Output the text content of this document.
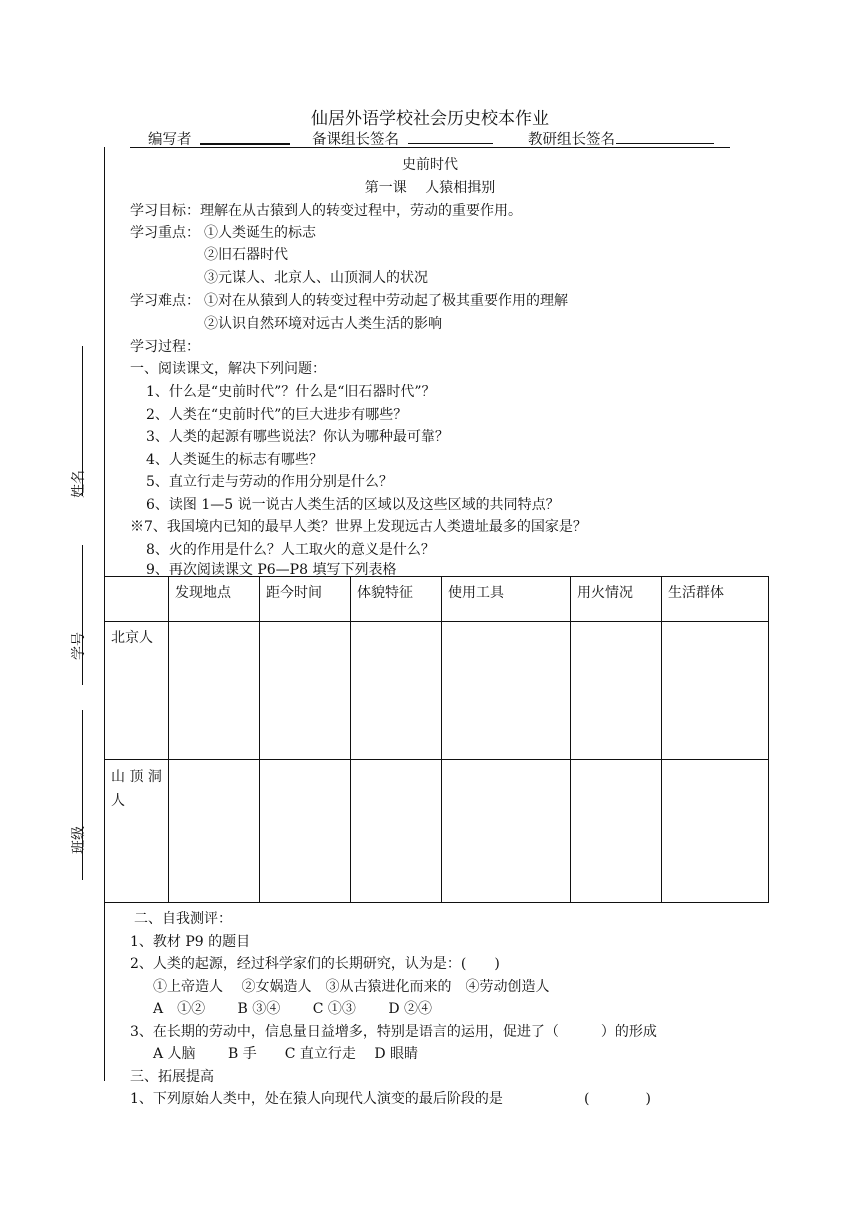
仙居外语学校社会历史校本作业
编写者	备课组长签名	教研组长签名
姓名
学号
班级
史前时代
第一课　 人猿相揖别
学习目标：理解在从古猿到人的转变过程中，劳动的重要作用。
学习重点： ①人类诞生的标志
②旧石器时代
③元谋人、北京人、山顶洞人的状况
学习难点： ①对在从猿到人的转变过程中劳动起了极其重要作用的理解
②认识自然环境对远古人类生活的影响
学习过程：
一、阅读课文，解决下列问题：
1、什么是“史前时代”？什么是“旧石器时代”？
2、人类在“史前时代”的巨大进步有哪些？
3、人类的起源有哪些说法？你认为哪种最可靠？
4、人类诞生的标志有哪些？
5、直立行走与劳动的作用分别是什么？
6、读图 1—5 说一说古人类生活的区域以及这些区域的共同特点？
※7、我国境内已知的最早人类？世界上发现远古人类遗址最多的国家是？
8、火的作用是什么？人工取火的意义是什么？
9、再次阅读课文 P6—P8 填写下列表格
	发现地点	距今时间	体貌特征	使用工具	用火情况	生活群体
北京人						
山 顶 洞 人						
二、自我测评：
1、教材 P9 的题目
2、人类的起源，经过科学家们的长期研究，认为是：(　　)
①上帝造人　 ②女娲造人　③从古猿进化而来的　④劳动创造人
A　①②　　 B ③④　　 C ①③　　 D ②④
3、在长期的劳动中，信息量日益增多，特别是语言的运用，促进了（　　　）的形成
A 人脑　　 B 手　　C 直立行走　 D 眼睛
三、拓展提高
1、下列原始人类中，处在猿人向现代人演变的最后阶段的是	(　　　　)
